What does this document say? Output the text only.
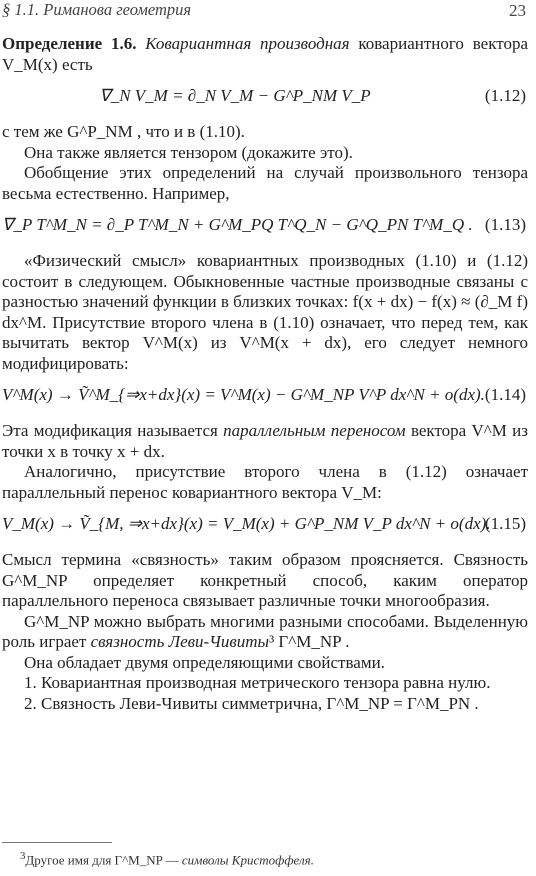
§ 1.1. Риманова геометрия	23

Определение 1.6. Ковариантная производная ковариантного вектора V_M(x) есть

∇_N V_M = ∂_N V_M − G^P_NM V_P	(1.12)

с тем же G^P_NM , что и в (1.10).

Она также является тензором (докажите это).

Обобщение этих определений на случай произвольного тензора весьма естественно. Например,

∇_P T^M_N = ∂_P T^M_N + G^M_PQ T^Q_N − G^Q_PN T^M_Q . (1.13)

«Физический смысл» ковариантных производных (1.10) и (1.12) состоит в следующем. Обыкновенные частные производные связаны с разностью значений функции в близких точках: f(x + dx) − f(x) ≈ (∂_M f) dx^M. Присутствие второго члена в (1.10) означает, что перед тем, как вычитать вектор V^M(x) из V^M(x + dx), его следует немного модифицировать:

V^M(x) → Ṽ^M_{⇒x+dx}(x) = V^M(x) − G^M_NP V^P dx^N + o(dx). (1.14)

Эта модификация называется параллельным переносом вектора V^M из точки x в точку x + dx.

Аналогично, присутствие второго члена в (1.12) означает параллельный перенос ковариантного вектора V_M:

V_M(x) → Ṽ_{M, ⇒x+dx}(x) = V_M(x) + G^P_NM V_P dx^N + o(dx).
(1.15)

Смысл термина «связность» таким образом проясняется. Связность G^M_NP определяет конкретный способ, каким оператор параллельного переноса связывает различные точки многообразия.

G^M_NP можно выбрать многими разными способами. Выделенную роль играет связность Леви-Чивиты³ Γ^M_NP .

Она обладает двумя определяющими свойствами.

1. Ковариантная производная метрического тензора равна нулю.

2. Связность Леви-Чивиты симметрична, Γ^M_NP = Γ^M_PN .

$^3$Другое имя для Γ^M_NP — символы Кристоффеля.
